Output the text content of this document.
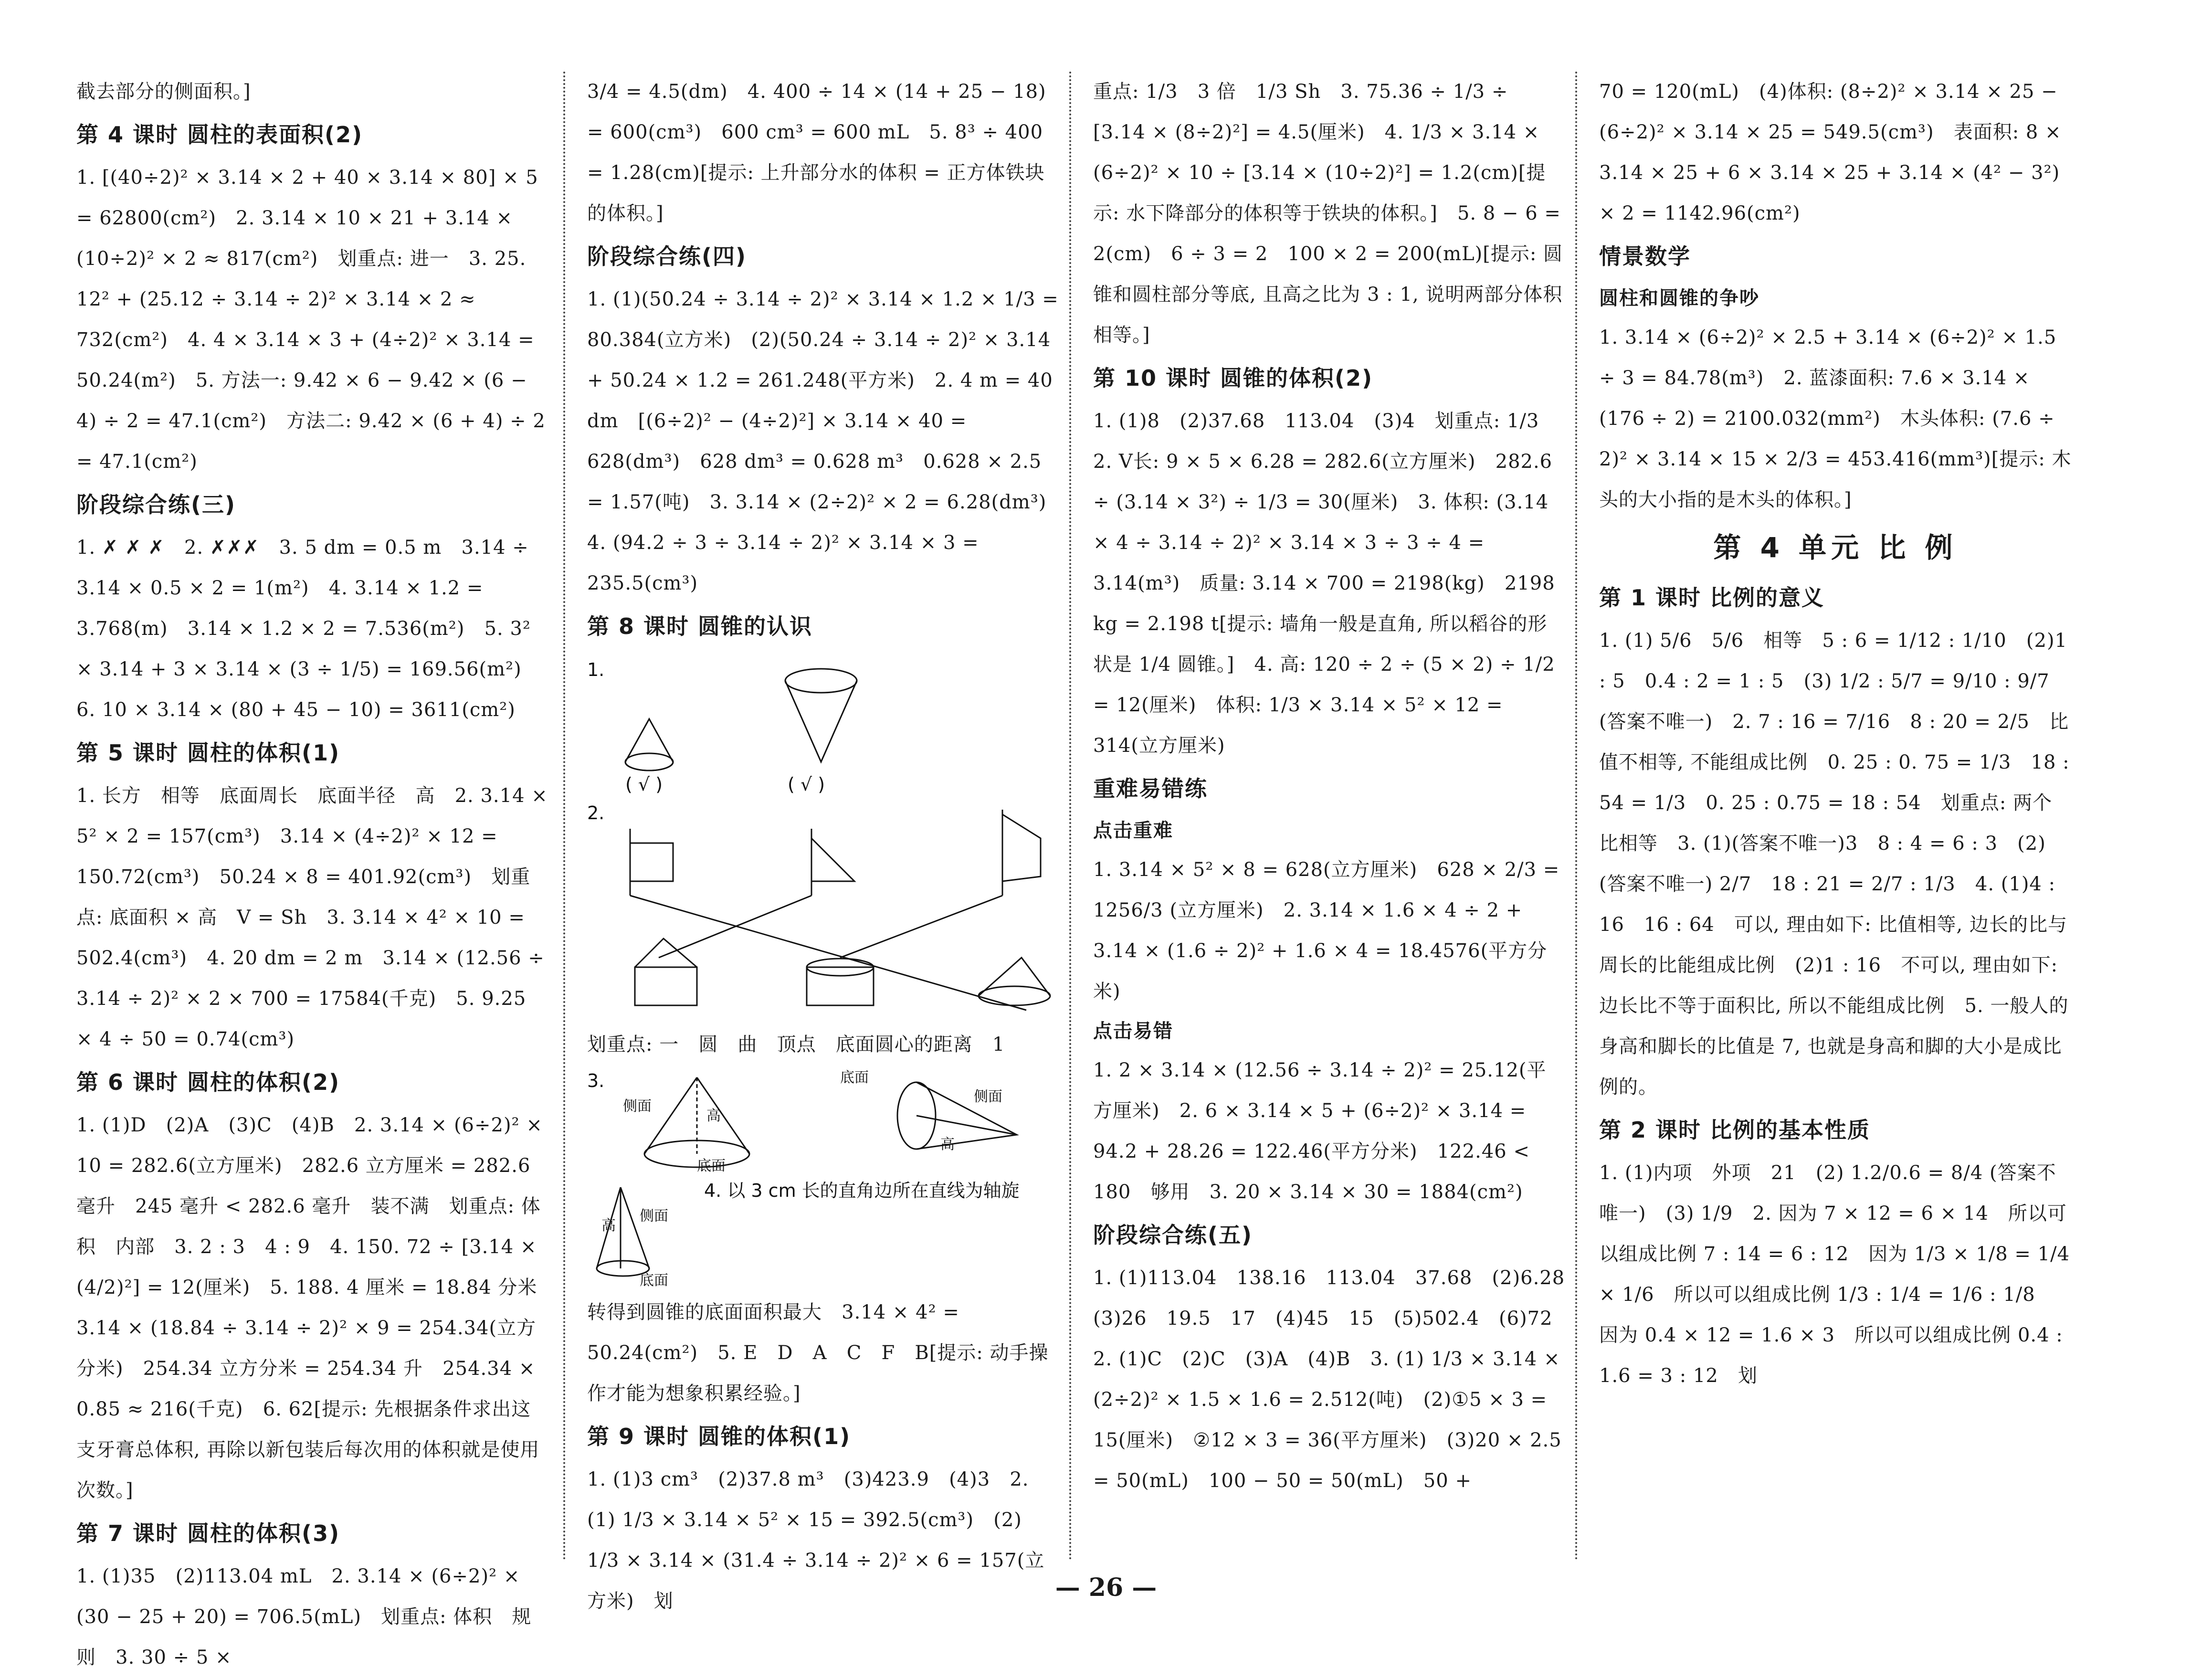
截去部分的侧面积。]
第 4 课时 圆柱的表面积(2)
1. [(40÷2)² × 3.14 × 2 + 40 × 3.14 × 80] × 5 = 62800(cm²)   2. 3.14 × 10 × 21 + 3.14 × (10÷2)² × 2 ≈ 817(cm²)   划重点: 进一   3. 25. 12² + (25.12 ÷ 3.14 ÷ 2)² × 3.14 × 2 ≈ 732(cm²)   4. 4 × 3.14 × 3 + (4÷2)² × 3.14 = 50.24(m²)   5. 方法一: 9.42 × 6 − 9.42 × (6 − 4) ÷ 2 = 47.1(cm²)   方法二: 9.42 × (6 + 4) ÷ 2 = 47.1(cm²)
阶段综合练(三)
1. ✗ ✗ ✗   2. ✗✗✗   3. 5 dm = 0.5 m   3.14 ÷ 3.14 × 0.5 × 2 = 1(m²)   4. 3.14 × 1.2 = 3.768(m)   3.14 × 1.2 × 2 = 7.536(m²)   5. 3² × 3.14 + 3 × 3.14 × (3 ÷ 1/5) = 169.56(m²)   6. 10 × 3.14 × (80 + 45 − 10) = 3611(cm²)
第 5 课时 圆柱的体积(1)
1. 长方   相等   底面周长   底面半径   高   2. 3.14 × 5² × 2 = 157(cm³)   3.14 × (4÷2)² × 12 = 150.72(cm³)   50.24 × 8 = 401.92(cm³)   划重点: 底面积 × 高   V = Sh   3. 3.14 × 4² × 10 = 502.4(cm³)   4. 20 dm = 2 m   3.14 × (12.56 ÷ 3.14 ÷ 2)² × 2 × 700 = 17584(千克)   5. 9.25 × 4 ÷ 50 = 0.74(cm³)
第 6 课时 圆柱的体积(2)
1. (1)D   (2)A   (3)C   (4)B   2. 3.14 × (6÷2)² × 10 = 282.6(立方厘米)   282.6 立方厘米 = 282.6 毫升   245 毫升 < 282.6 毫升   装不满   划重点: 体积   内部   3. 2 : 3   4 : 9   4. 150. 72 ÷ [3.14 × (4/2)²] = 12(厘米)   5. 188. 4 厘米 = 18.84 分米   3.14 × (18.84 ÷ 3.14 ÷ 2)² × 9 = 254.34(立方分米)   254.34 立方分米 = 254.34 升   254.34 × 0.85 ≈ 216(千克)   6. 62[提示: 先根据条件求出这支牙膏总体积, 再除以新包装后每次用的体积就是使用次数。]
第 7 课时 圆柱的体积(3)
1. (1)35   (2)113.04 mL   2. 3.14 × (6÷2)² × (30 − 25 + 20) = 706.5(mL)   划重点: 体积   规则   3. 30 ÷ 5 ×
3/4 = 4.5(dm)   4. 400 ÷ 14 × (14 + 25 − 18) = 600(cm³)   600 cm³ = 600 mL   5. 8³ ÷ 400 = 1.28(cm)[提示: 上升部分水的体积 = 正方体铁块的体积。]
阶段综合练(四)
1. (1)(50.24 ÷ 3.14 ÷ 2)² × 3.14 × 1.2 × 1/3 = 80.384(立方米)   (2)(50.24 ÷ 3.14 ÷ 2)² × 3.14 + 50.24 × 1.2 = 261.248(平方米)   2. 4 m = 40 dm   [(6÷2)² − (4÷2)²] × 3.14 × 40 = 628(dm³)   628 dm³ = 0.628 m³   0.628 × 2.5 = 1.57(吨)   3. 3.14 × (2÷2)² × 2 = 6.28(dm³)   4. (94.2 ÷ 3 ÷ 3.14 ÷ 2)² × 3.14 × 3 = 235.5(cm³)
第 8 课时 圆锥的认识
1.
( √ )	( √ )
2.
划重点: 一   圆   曲   顶点   底面圆心的距离   1
3.
侧面
高
底面
底面
侧面
高
高
侧面
底面
4. 以 3 cm 长的直角边所在直线为轴旋
转得到圆锥的底面面积最大   3.14 × 4² = 50.24(cm²)   5. E   D   A   C   F   B[提示: 动手操作才能为想象积累经验。]
第 9 课时 圆锥的体积(1)
1. (1)3 cm³   (2)37.8 m³   (3)423.9   (4)3   2. (1) 1/3 × 3.14 × 5² × 15 = 392.5(cm³)   (2) 1/3 × 3.14 × (31.4 ÷ 3.14 ÷ 2)² × 6 = 157(立方米)   划
重点: 1/3   3 倍   1/3 Sh   3. 75.36 ÷ 1/3 ÷ [3.14 × (8÷2)²] = 4.5(厘米)   4. 1/3 × 3.14 × (6÷2)² × 10 ÷ [3.14 × (10÷2)²] = 1.2(cm)[提示: 水下降部分的体积等于铁块的体积。]   5. 8 − 6 = 2(cm)   6 ÷ 3 = 2   100 × 2 = 200(mL)[提示: 圆锥和圆柱部分等底, 且高之比为 3 : 1, 说明两部分体积相等。]
第 10 课时 圆锥的体积(2)
1. (1)8   (2)37.68   113.04   (3)4   划重点: 1/3   2. V长: 9 × 5 × 6.28 = 282.6(立方厘米)   282.6 ÷ (3.14 × 3²) ÷ 1/3 = 30(厘米)   3. 体积: (3.14 × 4 ÷ 3.14 ÷ 2)² × 3.14 × 3 ÷ 3 ÷ 4 = 3.14(m³)   质量: 3.14 × 700 = 2198(kg)   2198 kg = 2.198 t[提示: 墙角一般是直角, 所以稻谷的形状是 1/4 圆锥。]   4. 高: 120 ÷ 2 ÷ (5 × 2) ÷ 1/2 = 12(厘米)   体积: 1/3 × 3.14 × 5² × 12 = 314(立方厘米)
重难易错练
点击重难
1. 3.14 × 5² × 8 = 628(立方厘米)   628 × 2/3 = 1256/3 (立方厘米)   2. 3.14 × 1.6 × 4 ÷ 2 + 3.14 × (1.6 ÷ 2)² + 1.6 × 4 = 18.4576(平方分米)
点击易错
1. 2 × 3.14 × (12.56 ÷ 3.14 ÷ 2)² = 25.12(平方厘米)   2. 6 × 3.14 × 5 + (6÷2)² × 3.14 = 94.2 + 28.26 = 122.46(平方分米)   122.46 < 180   够用   3. 20 × 3.14 × 30 = 1884(cm²)
阶段综合练(五)
1. (1)113.04   138.16   113.04   37.68   (2)6.28   (3)26   19.5   17   (4)45   15   (5)502.4   (6)72   2. (1)C   (2)C   (3)A   (4)B   3. (1) 1/3 × 3.14 × (2÷2)² × 1.5 × 1.6 = 2.512(吨)   (2)①5 × 3 = 15(厘米)   ②12 × 3 = 36(平方厘米)   (3)20 × 2.5 = 50(mL)   100 − 50 = 50(mL)   50 +
70 = 120(mL)   (4)体积: (8÷2)² × 3.14 × 25 − (6÷2)² × 3.14 × 25 = 549.5(cm³)   表面积: 8 × 3.14 × 25 + 6 × 3.14 × 25 + 3.14 × (4² − 3²) × 2 = 1142.96(cm²)
情景数学
圆柱和圆锥的争吵
1. 3.14 × (6÷2)² × 2.5 + 3.14 × (6÷2)² × 1.5 ÷ 3 = 84.78(m³)   2. 蓝漆面积: 7.6 × 3.14 × (176 ÷ 2) = 2100.032(mm²)   木头体积: (7.6 ÷ 2)² × 3.14 × 15 × 2/3 = 453.416(mm³)[提示: 木头的大小指的是木头的体积。]
第 4 单元 比 例
第 1 课时 比例的意义
1. (1) 5/6   5/6   相等   5 : 6 = 1/12 : 1/10   (2)1 : 5   0.4 : 2 = 1 : 5   (3) 1/2 : 5/7 = 9/10 : 9/7 (答案不唯一)   2. 7 : 16 = 7/16   8 : 20 = 2/5   比值不相等, 不能组成比例   0. 25 : 0. 75 = 1/3   18 : 54 = 1/3   0. 25 : 0.75 = 18 : 54   划重点: 两个比相等   3. (1)(答案不唯一)3   8 : 4 = 6 : 3   (2)(答案不唯一) 2/7   18 : 21 = 2/7 : 1/3   4. (1)4 : 16   16 : 64   可以, 理由如下: 比值相等, 边长的比与周长的比能组成比例   (2)1 : 16   不可以, 理由如下: 边长比不等于面积比, 所以不能组成比例   5. 一般人的身高和脚长的比值是 7, 也就是身高和脚的大小是成比例的。
第 2 课时 比例的基本性质
1. (1)内项   外项   21   (2) 1.2/0.6 = 8/4 (答案不唯一)   (3) 1/9   2. 因为 7 × 12 = 6 × 14   所以可以组成比例 7 : 14 = 6 : 12   因为 1/3 × 1/8 = 1/4 × 1/6   所以可以组成比例 1/3 : 1/4 = 1/6 : 1/8   因为 0.4 × 12 = 1.6 × 3   所以可以组成比例 0.4 : 1.6 = 3 : 12   划
— 26 —
